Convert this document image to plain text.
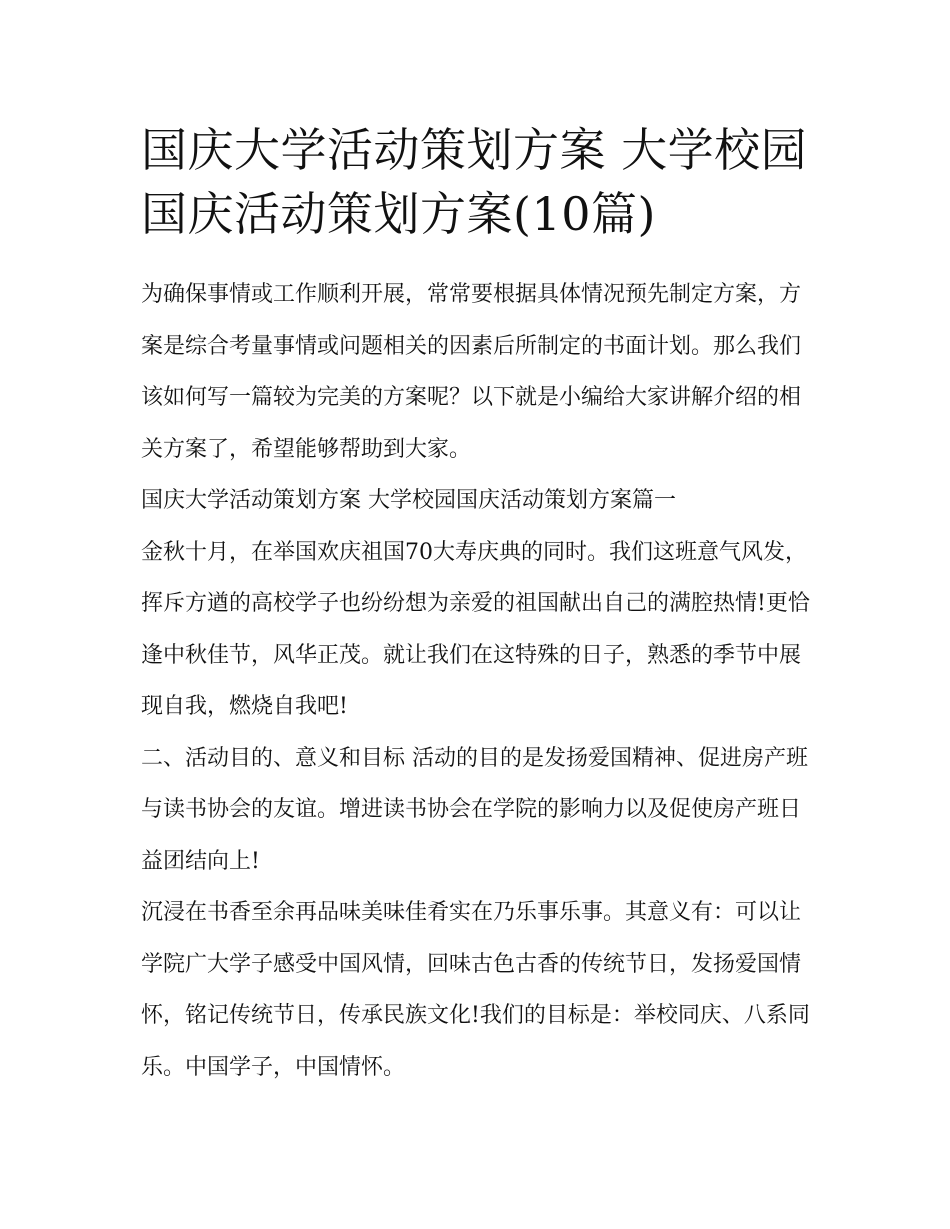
国庆大学活动策划方案 大学校园国庆活动策划方案(10篇)

为确保事情或工作顺利开展，常常要根据具体情况预先制定方案，方案是综合考量事情或问题相关的因素后所制定的书面计划。那么我们该如何写一篇较为完美的方案呢？以下就是小编给大家讲解介绍的相关方案了，希望能够帮助到大家。

国庆大学活动策划方案 大学校园国庆活动策划方案篇一

金秋十月，在举国欢庆祖国70大寿庆典的同时。我们这班意气风发，挥斥方遒的高校学子也纷纷想为亲爱的祖国献出自己的满腔热情!更恰逢中秋佳节，风华正茂。就让我们在这特殊的日子，熟悉的季节中展现自我，燃烧自我吧!

二、活动目的、意义和目标 活动的目的是发扬爱国精神、促进房产班与读书协会的友谊。增进读书协会在学院的影响力以及促使房产班日益团结向上!

沉浸在书香至余再品味美味佳肴实在乃乐事乐事。其意义有：可以让学院广大学子感受中国风情，回味古色古香的传统节日，发扬爱国情怀，铭记传统节日，传承民族文化!我们的目标是：举校同庆、八系同乐。中国学子，中国情怀。
